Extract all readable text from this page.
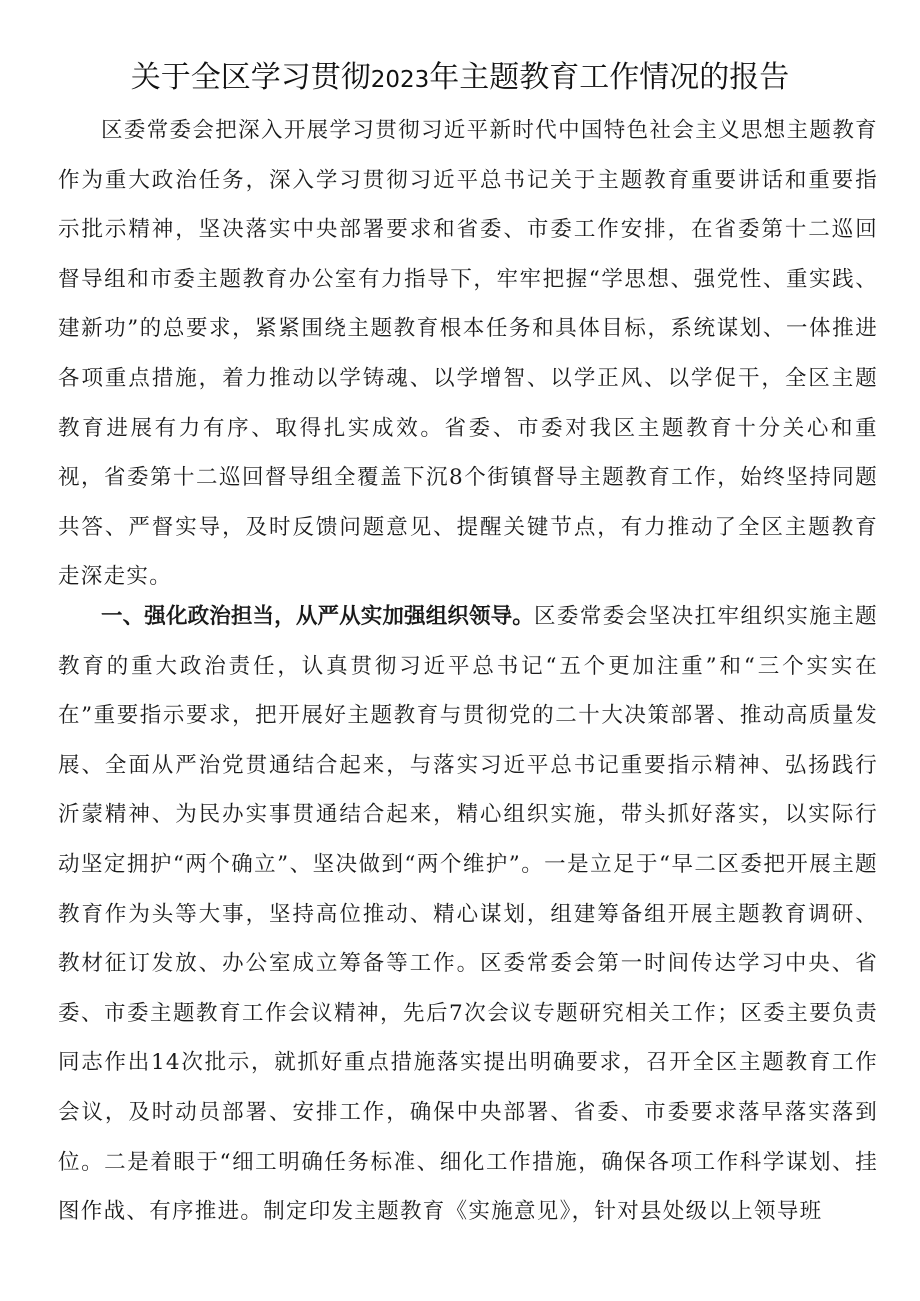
关于全区学习贯彻2023年主题教育工作情况的报告

区委常委会把深入开展学习贯彻习近平新时代中国特色社会主义思想主题教育作为重大政治任务，深入学习贯彻习近平总书记关于主题教育重要讲话和重要指示批示精神，坚决落实中央部署要求和省委、市委工作安排，在省委第十二巡回督导组和市委主题教育办公室有力指导下，牢牢把握“学思想、强党性、重实践、建新功”的总要求，紧紧围绕主题教育根本任务和具体目标，系统谋划、一体推进各项重点措施，着力推动以学铸魂、以学增智、以学正风、以学促干，全区主题教育进展有力有序、取得扎实成效。省委、市委对我区主题教育十分关心和重视，省委第十二巡回督导组全覆盖下沉8个街镇督导主题教育工作，始终坚持同题共答、严督实导，及时反馈问题意见、提醒关键节点，有力推动了全区主题教育走深走实。

一、强化政治担当，从严从实加强组织领导。区委常委会坚决扛牢组织实施主题教育的重大政治责任，认真贯彻习近平总书记“五个更加注重”和“三个实实在在”重要指示要求，把开展好主题教育与贯彻党的二十大决策部署、推动高质量发展、全面从严治党贯通结合起来，与落实习近平总书记重要指示精神、弘扬践行沂蒙精神、为民办实事贯通结合起来，精心组织实施，带头抓好落实，以实际行动坚定拥护“两个确立”、坚决做到“两个维护”。一是立足于“早二区委把开展主题教育作为头等大事，坚持高位推动、精心谋划，组建筹备组开展主题教育调研、教材征订发放、办公室成立筹备等工作。区委常委会第一时间传达学习中央、省委、市委主题教育工作会议精神，先后7次会议专题研究相关工作；区委主要负责同志作出14次批示，就抓好重点措施落实提出明确要求，召开全区主题教育工作会议，及时动员部署、安排工作，确保中央部署、省委、市委要求落早落实落到位。二是着眼于“细工明确任务标准、细化工作措施，确保各项工作科学谋划、挂图作战、有序推进。制定印发主题教育《实施意见》，针对县处级以上领导班
